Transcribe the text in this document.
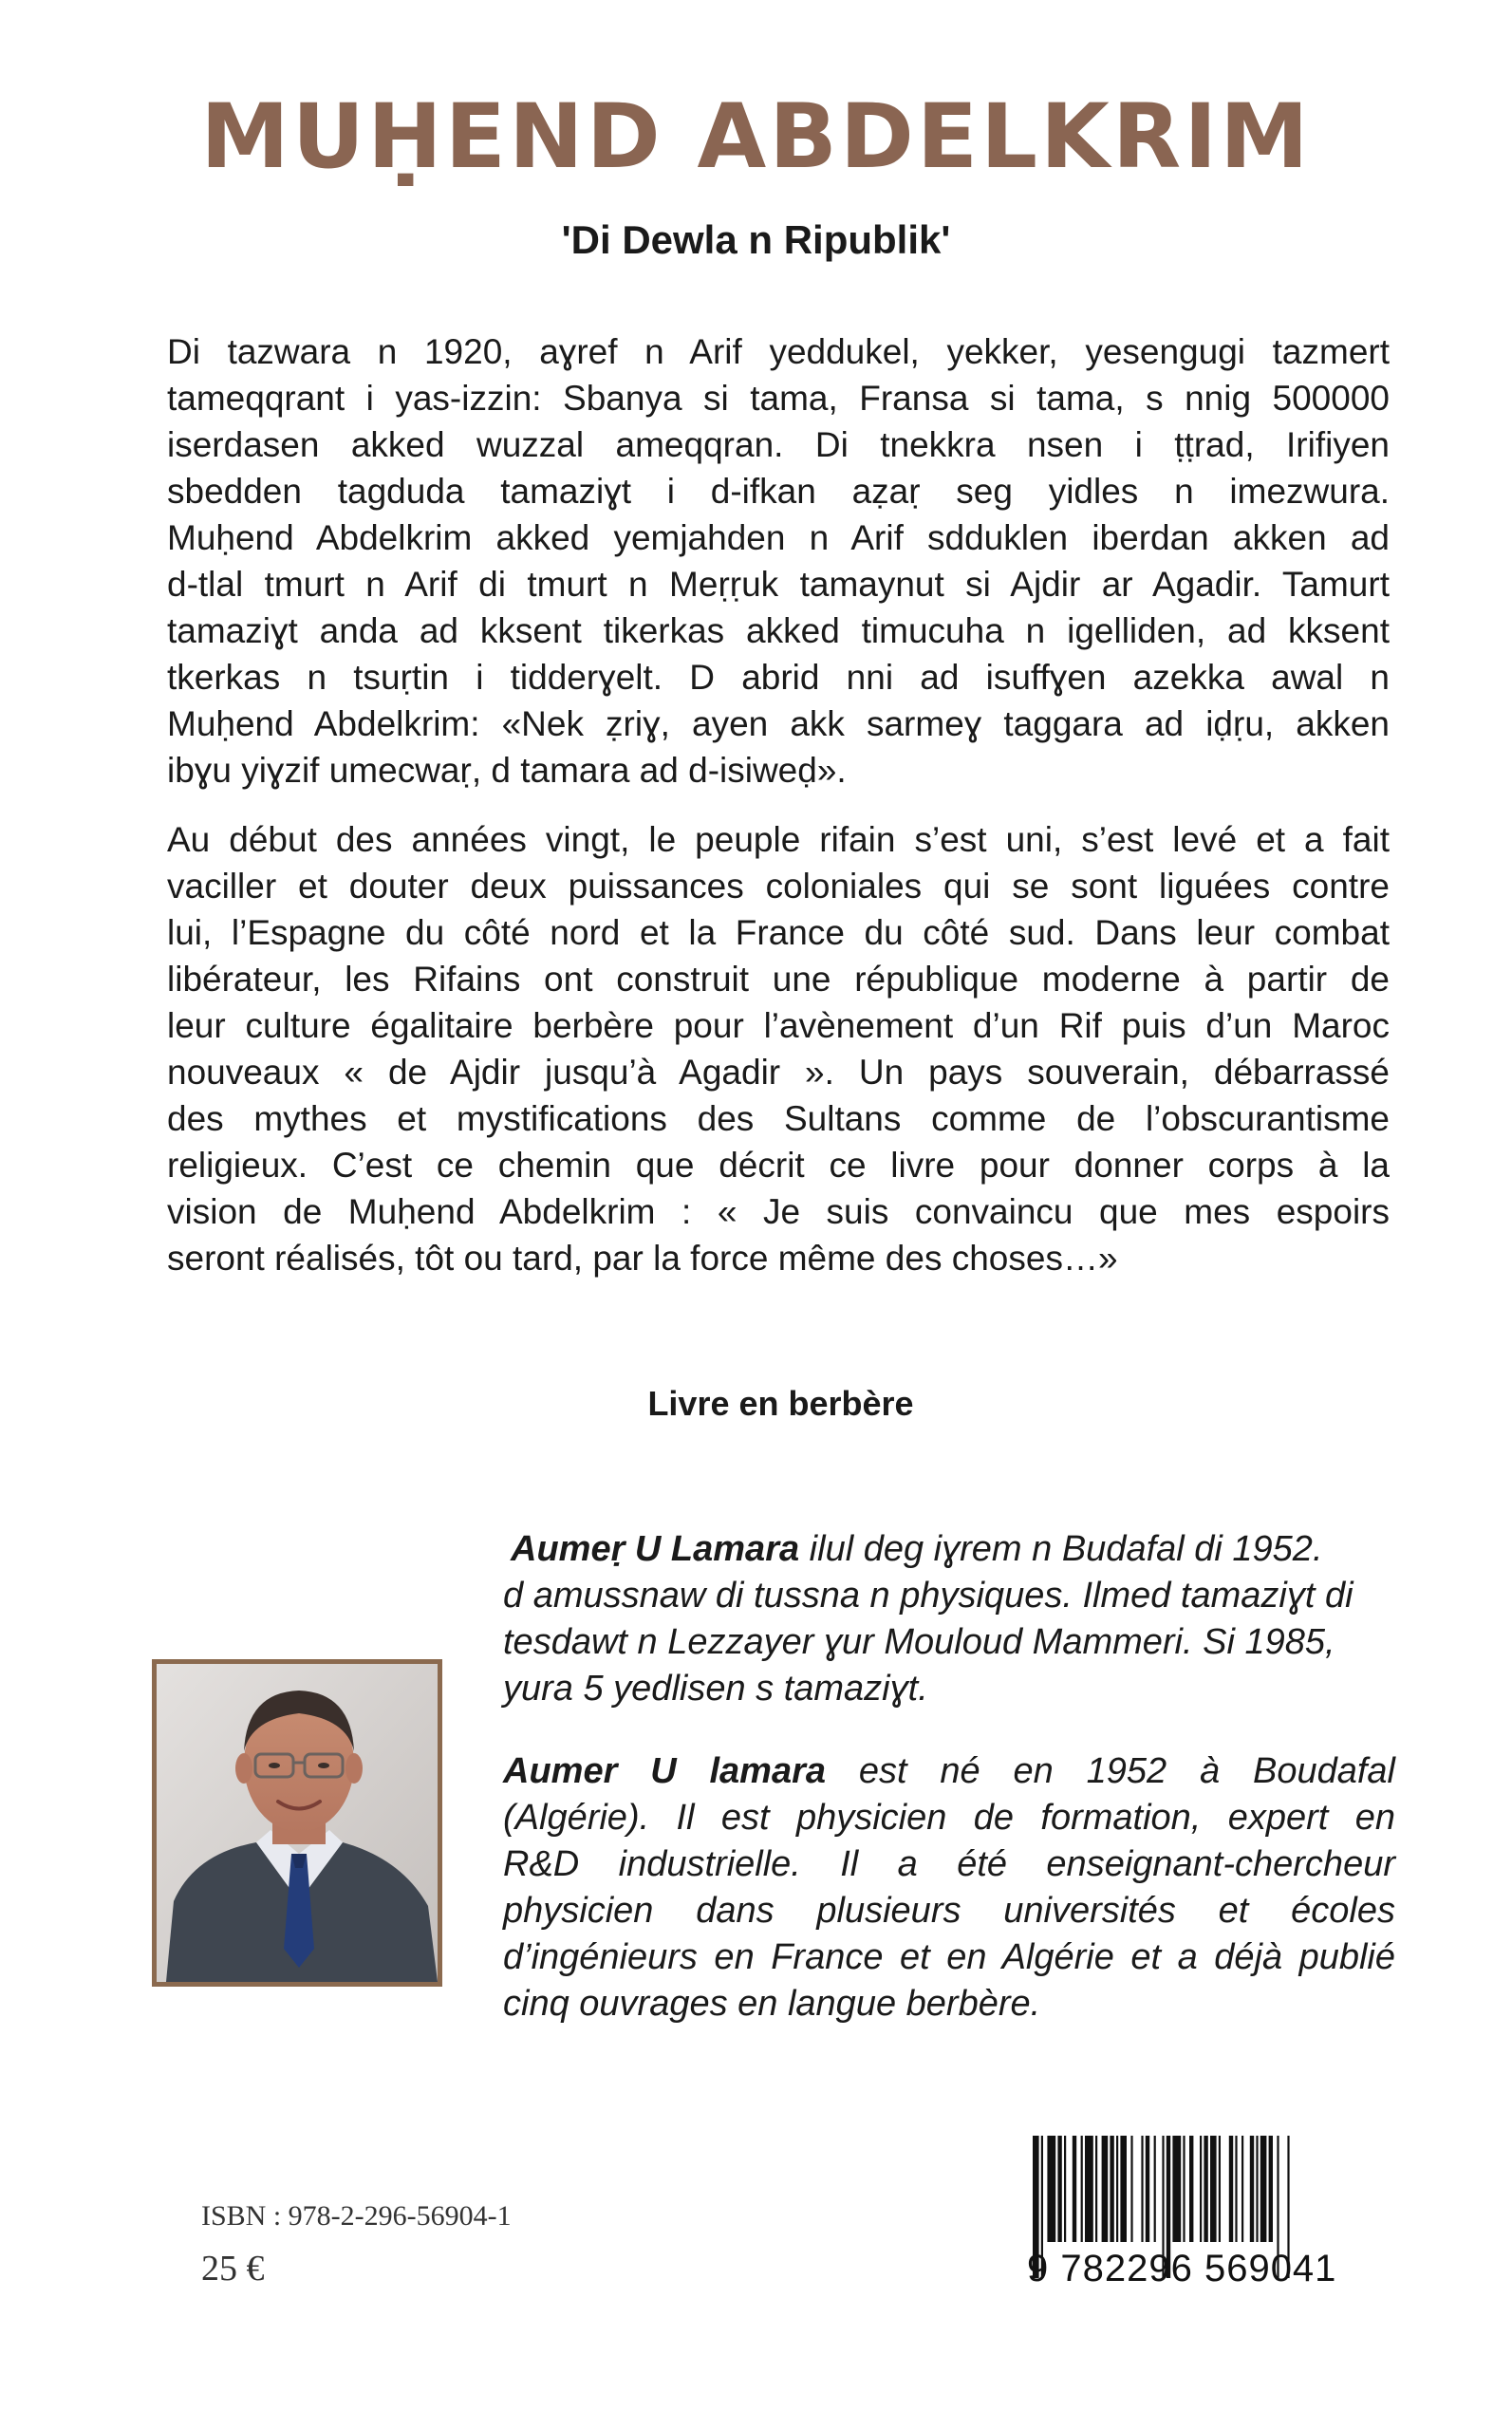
MUḤEND ABDELKRIM
'Di Dewla n Ripublik'
Di tazwara n 1920, aɣref n Arif yeddukel, yekker, yesengugi tazmert
tameqqrant i yas-izzin: Sbanya si tama, Fransa si tama, s nnig 500000
iserdasen akked wuzzal ameqqran. Di tnekkra nsen i ṭṭrad, Irifiyen
sbedden tagduda tamaziɣt i d-ifkan aẓaṛ seg yidles n imezwura.
Muḥend Abdelkrim akked yemjahden n Arif sdduklen iberdan akken ad
d-tlal tmurt n Arif di tmurt n Meṛṛuk tamaynut si Ajdir ar Agadir. Tamurt
tamaziɣt anda ad kksent tikerkas akked timucuha n igelliden, ad kksent
tkerkas n tsuṛtin i tidderɣelt. D abrid nni ad isuffɣen azekka awal n
Muḥend Abdelkrim: «Nek ẓriɣ, ayen akk sarmeɣ taggara ad iḍṛu, akken
ibɣu yiɣzif umecwaṛ, d tamara ad d-isiweḍ».
Au début des années vingt, le peuple rifain s’est uni, s’est levé et a fait
vaciller et douter deux puissances coloniales qui se sont liguées contre
lui, l’Espagne du côté nord et la France du côté sud. Dans leur combat
libérateur, les Rifains ont construit une république moderne à partir de
leur culture égalitaire berbère pour l’avènement d’un Rif puis d’un Maroc
nouveaux « de Ajdir jusqu’à Agadir ». Un pays souverain, débarrassé
des mythes et mystifications des Sultans comme de l’obscurantisme
religieux. C’est ce chemin que décrit ce livre pour donner corps à la
vision de Muḥend Abdelkrim : « Je suis convaincu que mes espoirs
seront réalisés, tôt ou tard, par la force même des choses…»
Livre en berbère
Aumeṛ U Lamara ilul deg iɣrem n Budafal di 1952.
d amussnaw di tussna n physiques. Ilmed tamaziɣt di
tesdawt n Lezzayer ɣur Mouloud Mammeri. Si 1985,
yura 5 yedlisen s tamaziɣt.
Aumer U lamara est né en 1952 à Boudafal
(Algérie). Il est physicien de formation, expert en
R&D industrielle. Il a été enseignant-chercheur
physicien dans plusieurs universités et écoles
d’ingénieurs en France et en Algérie et a déjà publié
cinq ouvrages en langue berbère.
ISBN : 978-2-296-56904-1
25 €	9 782296 569041
